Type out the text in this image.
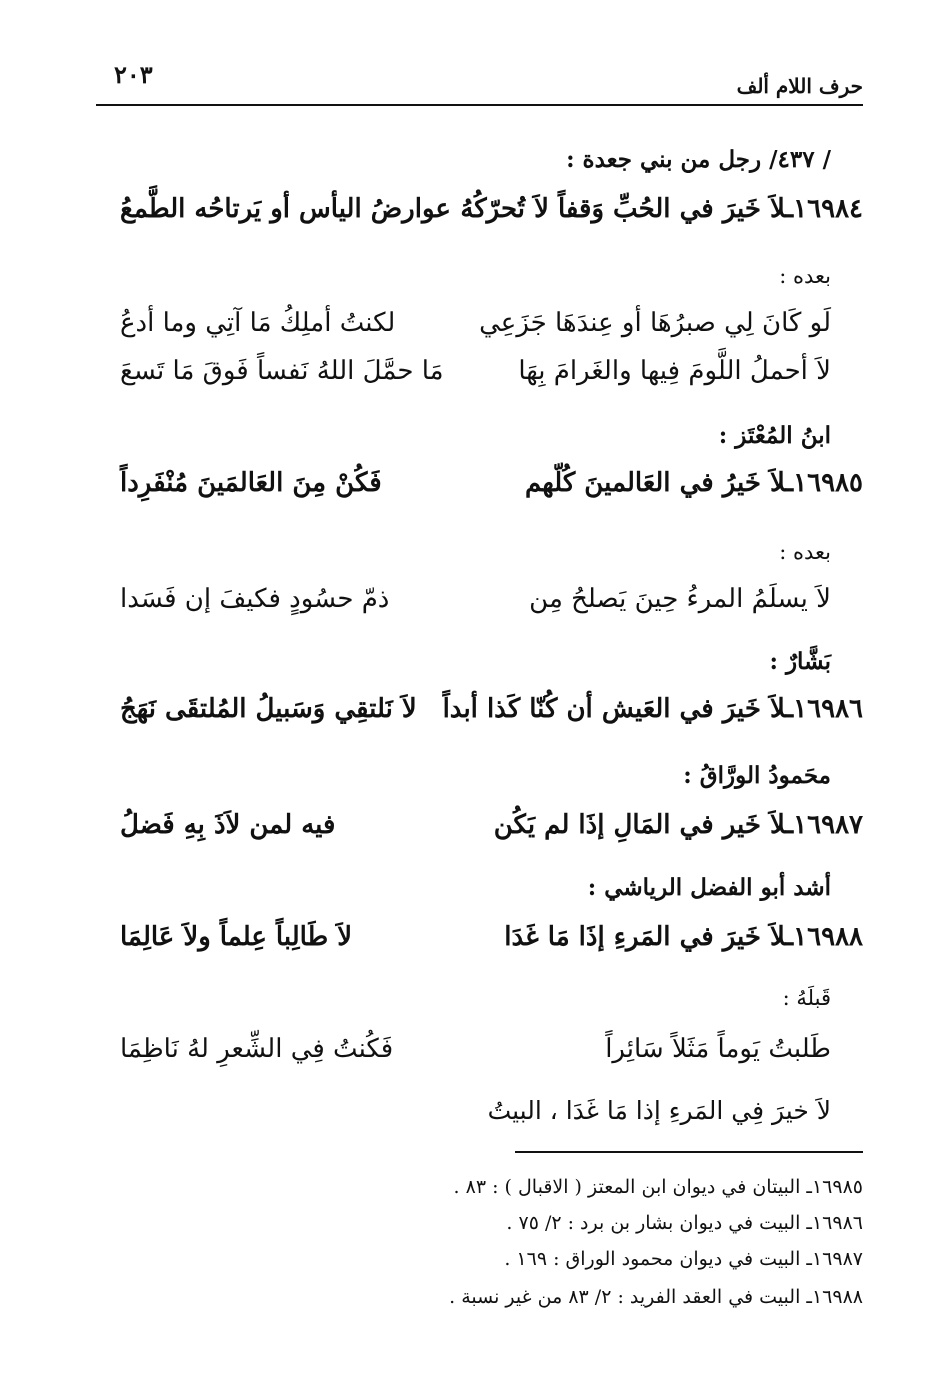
حرف اللام ألف
٢٠٣
/ ٤٣٧/ رجل من بني جعدة :
١٦٩٨٤ـلاَ خَيرَ في الحُبِّ وَقفاً لاَ تُحرّكُهُ
عوارضُ اليأس أو يَرتاحُه الطَّمعُ
بعده :
لَو كَانَ لِي صبرُهَا أو عِندَهَا جَزَعِي
لكنتُ أملِكُ مَا آتِي وما أدعُ
لاَ أحملُ اللَّومَ فِيها والغَرامَ بِهَا
مَا حمَّلَ اللهُ نَفساً فَوقَ مَا تَسعَ
ابنُ المُعْتَز :
١٦٩٨٥ـلاَ خَيرُ في العَالمينَ كُلّهم
فَكُنْ مِنَ العَالمَينَ مُنْفَرِداً
بعده :
لاَ يسلَمُ المرءُ حِينَ يَصلحُ مِن
ذمّ حسُودٍ فكيفَ إن فَسَدا
بَشَّارٌ :
١٦٩٨٦ـلاَ خَيرَ في العَيش أن كُنّا كَذا أبداً
لاَ نَلتقِي وَسَبيلُ المُلتقَى نَهَجُ
محَمودُ الورَّاقُ :
١٦٩٨٧ـلاَ خَير في المَالِ إذَا لم يَكُن
فيه لمن لاَذَ بِهِ فَضلُ
أشد أبو الفضل الرياشي :
١٦٩٨٨ـلاَ خَيرَ في المَرءِ إذَا مَا غَدَا
لاَ طَالِباً عِلماً ولاَ عَالِمَا
قَبلَهُ :
طَلبتُ يَوماً مَثَلاً سَائِراً
فَكُنتُ فِي الشِّعرِ لهُ نَاظِمَا
لاَ خيرَ فِي المَرءِ إذا مَا غَدَا ، البيتُ
١٦٩٨٥ـ البيتان في ديوان ابن المعتز ( الاقبال ) : ٨٣ .
١٦٩٨٦ـ البيت في ديوان بشار بن برد : ٢/ ٧٥ .
١٦٩٨٧ـ البيت في ديوان محمود الوراق : ١٦٩ .
١٦٩٨٨ـ البيت في العقد الفريد : ٢/ ٨٣ من غير نسبة .
